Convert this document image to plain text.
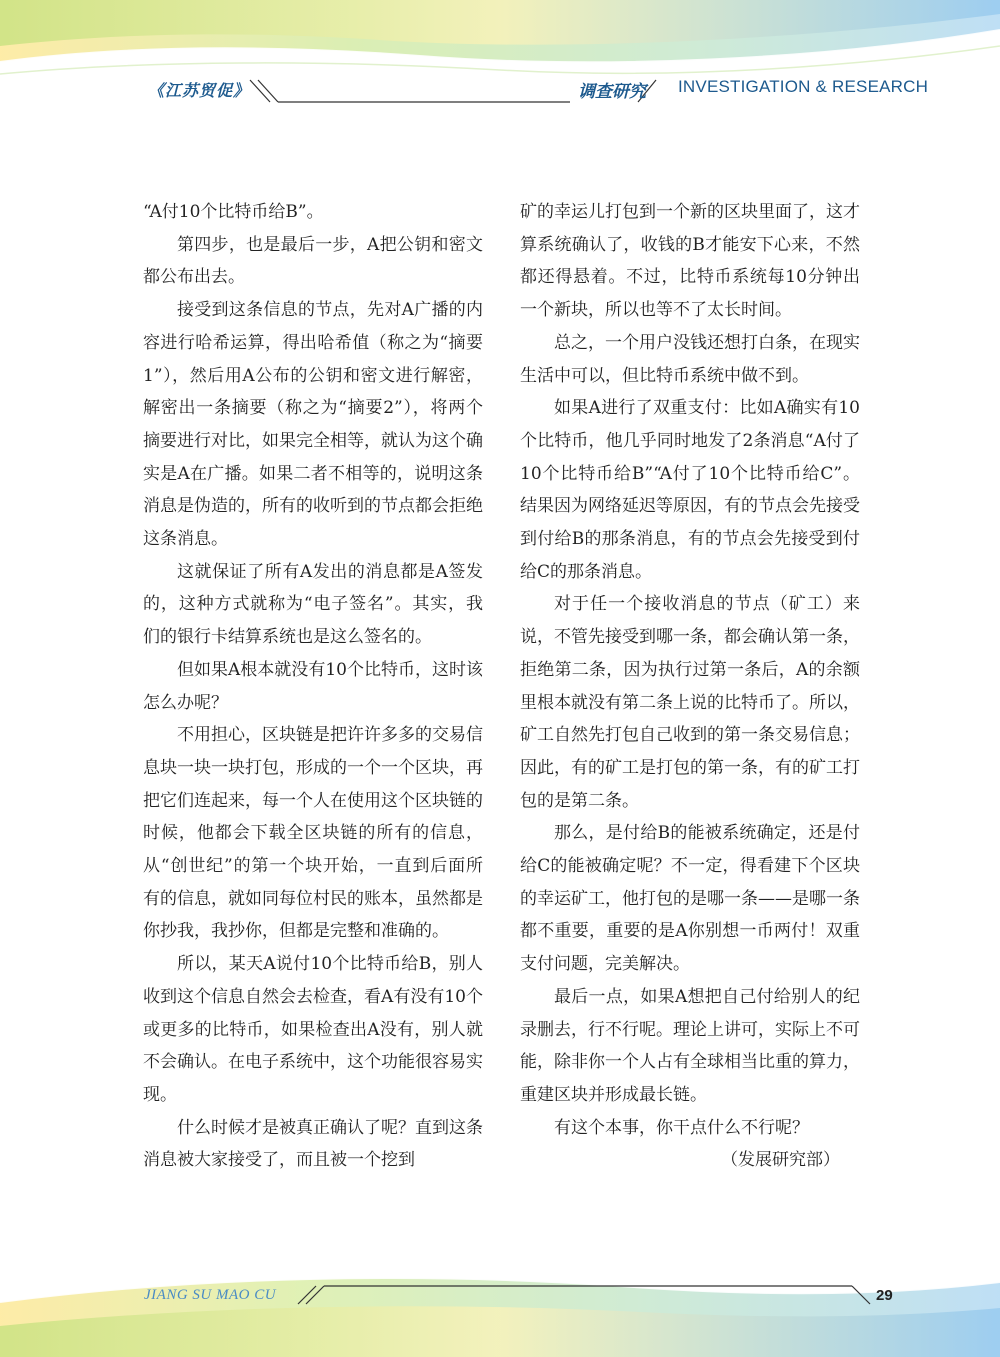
《江苏贸促》	调查研究 INVESTIGATION & RESEARCH

“A付10个比特币给B”。

第四步，也是最后一步，A把公钥和密文都公布出去。

接受到这条信息的节点，先对A广播的内容进行哈希运算，得出哈希值（称之为“摘要1”），然后用A公布的公钥和密文进行解密，解密出一条摘要（称之为“摘要2”），将两个摘要进行对比，如果完全相等，就认为这个确实是A在广播。如果二者不相等的，说明这条消息是伪造的，所有的收听到的节点都会拒绝这条消息。

这就保证了所有A发出的消息都是A签发的，这种方式就称为“电子签名”。其实，我们的银行卡结算系统也是这么签名的。

但如果A根本就没有10个比特币，这时该怎么办呢？

不用担心，区块链是把许许多多的交易信息块一块一块打包，形成的一个一个区块，再把它们连起来，每一个人在使用这个区块链的时候，他都会下载全区块链的所有的信息，从“创世纪”的第一个块开始，一直到后面所有的信息，就如同每位村民的账本，虽然都是你抄我，我抄你，但都是完整和准确的。

所以，某天A说付10个比特币给B，别人收到这个信息自然会去检查，看A有没有10个或更多的比特币，如果检查出A没有，别人就不会确认。在电子系统中，这个功能很容易实现。

什么时候才是被真正确认了呢？直到这条消息被大家接受了，而且被一个挖到

矿的幸运儿打包到一个新的区块里面了，这才算系统确认了，收钱的B才能安下心来，不然都还得悬着。不过，比特币系统每10分钟出一个新块，所以也等不了太长时间。

总之，一个用户没钱还想打白条，在现实生活中可以，但比特币系统中做不到。

如果A进行了双重支付：比如A确实有10个比特币，他几乎同时地发了2条消息“A付了10个比特币给B”“A付了10个比特币给C”。结果因为网络延迟等原因，有的节点会先接受到付给B的那条消息，有的节点会先接受到付给C的那条消息。

对于任一个接收消息的节点（矿工）来说，不管先接受到哪一条，都会确认第一条，拒绝第二条，因为执行过第一条后，A的余额里根本就没有第二条上说的比特币了。所以，矿工自然先打包自己收到的第一条交易信息；因此，有的矿工是打包的第一条，有的矿工打包的是第二条。

那么，是付给B的能被系统确定，还是付给C的能被确定呢？不一定，得看建下个区块的幸运矿工，他打包的是哪一条——是哪一条都不重要，重要的是A你别想一币两付！双重支付问题，完美解决。

最后一点，如果A想把自己付给别人的纪录删去，行不行呢。理论上讲可，实际上不可能，除非你一个人占有全球相当比重的算力，重建区块并形成最长链。

有这个本事，你干点什么不行呢？

（发展研究部）

JIANG SU MAO CU	29
